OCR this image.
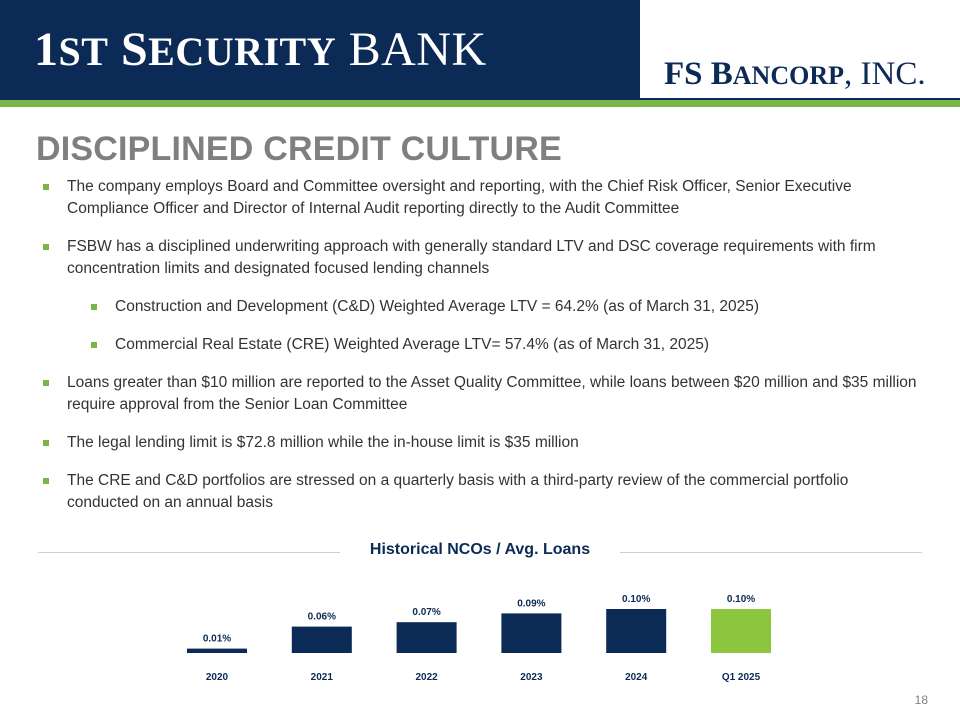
1ST SECURITY BANK	FS BANCORP, INC.
DISCIPLINED CREDIT CULTURE
The company employs Board and Committee oversight and reporting, with the Chief Risk Officer, Senior Executive Compliance Officer and Director of Internal Audit reporting directly to the Audit Committee
FSBW has a disciplined underwriting approach with generally standard LTV and DSC coverage requirements with firm concentration limits and designated focused lending channels
Construction and Development (C&D) Weighted Average LTV = 64.2% (as of March 31, 2025)
Commercial Real Estate (CRE) Weighted Average LTV= 57.4% (as of March 31, 2025)
Loans greater than $10 million are reported to the Asset Quality Committee, while loans between $20 million and $35 million require approval from the Senior Loan Committee
The legal lending limit is $72.8 million while the in-house limit is $35 million
The CRE and C&D portfolios are stressed on a quarterly basis with a third-party review of the commercial portfolio conducted on an annual basis
Historical NCOs / Avg. Loans
0.01%
2020
0.06%
2021
0.07%
2022
0.09%
2023
0.10%
2024
0.10%
Q1 2025
18
